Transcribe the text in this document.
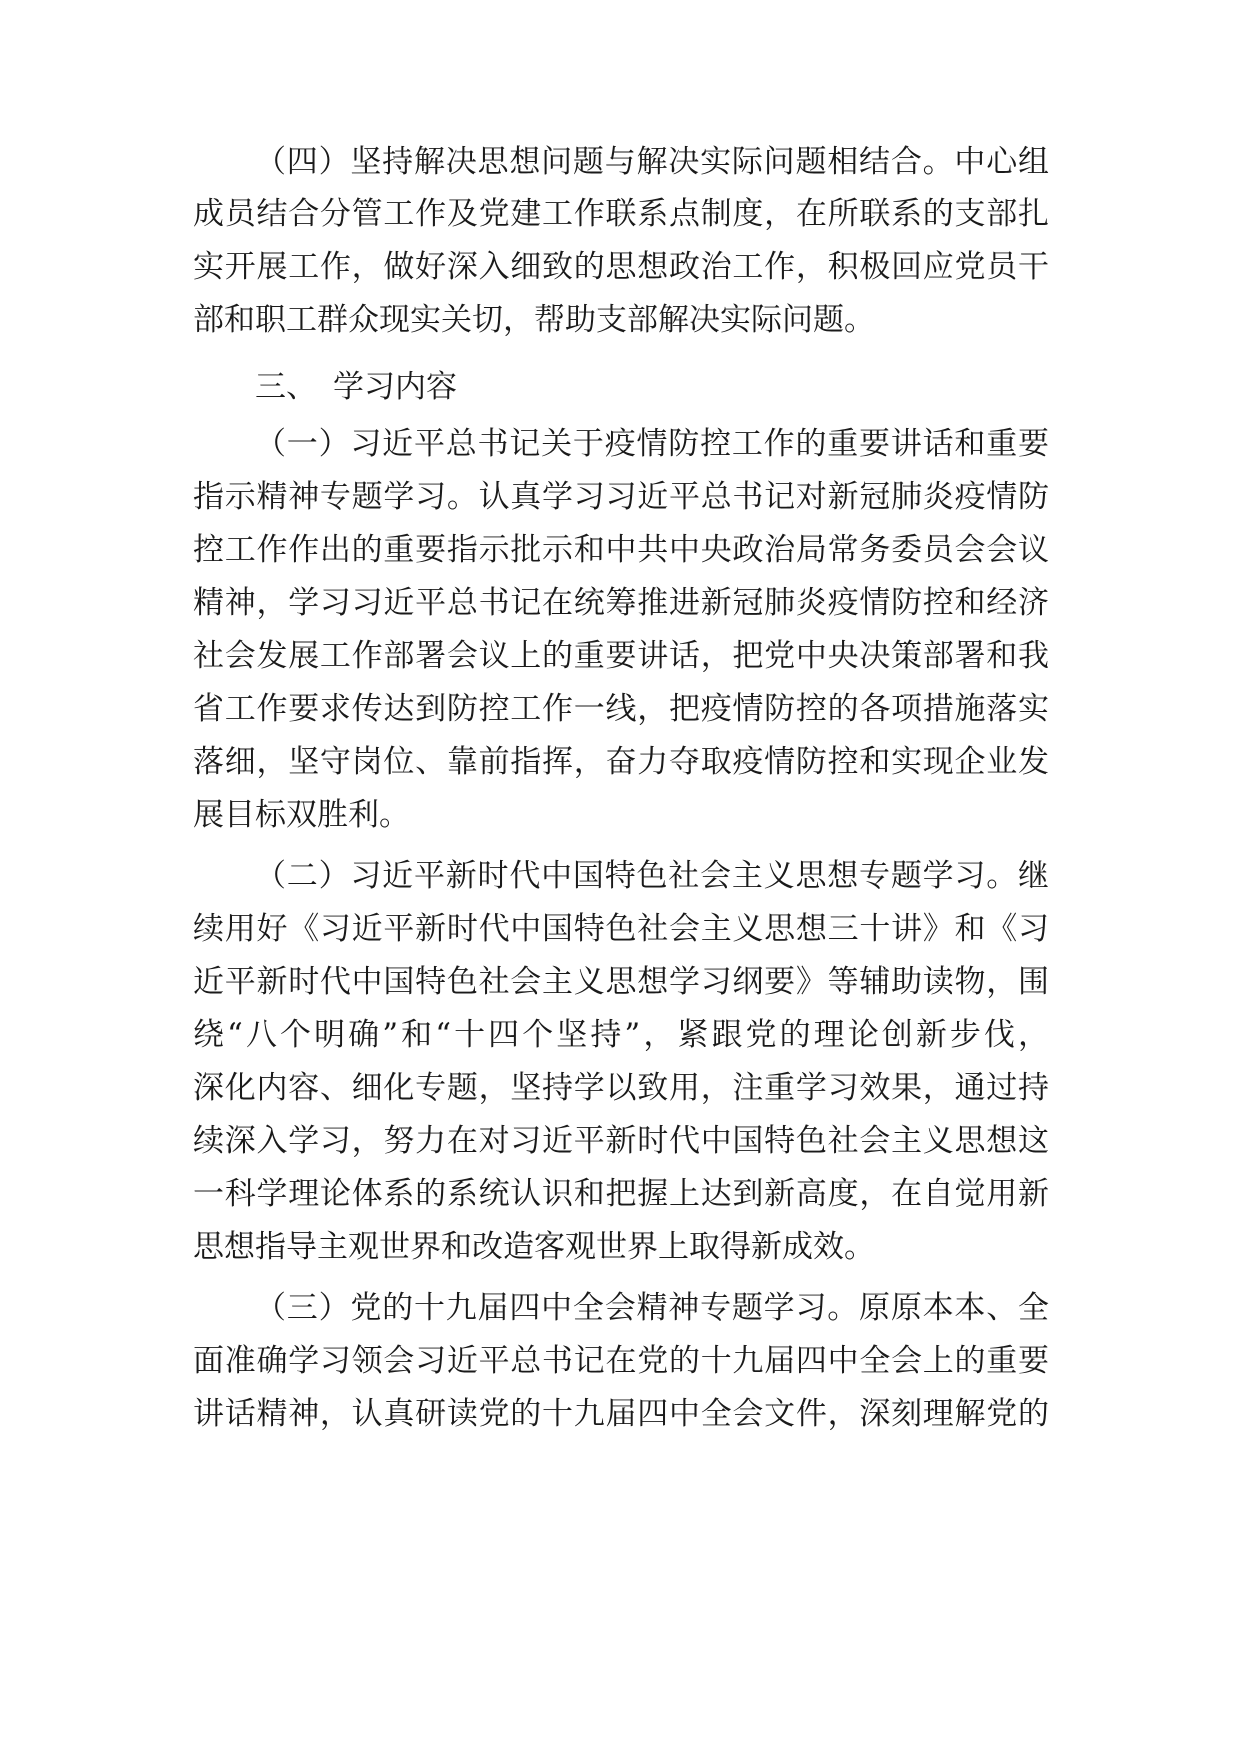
（四）坚持解决思想问题与解决实际问题相结合。中心组
成员结合分管工作及党建工作联系点制度，在所联系的支部扎
实开展工作，做好深入细致的思想政治工作，积极回应党员干
部和职工群众现实关切，帮助支部解决实际问题。
三、 学习内容
（一）习近平总书记关于疫情防控工作的重要讲话和重要
指示精神专题学习。认真学习习近平总书记对新冠肺炎疫情防
控工作作出的重要指示批示和中共中央政治局常务委员会会议
精神，学习习近平总书记在统筹推进新冠肺炎疫情防控和经济
社会发展工作部署会议上的重要讲话，把党中央决策部署和我
省工作要求传达到防控工作一线，把疫情防控的各项措施落实
落细，坚守岗位、靠前指挥，奋力夺取疫情防控和实现企业发
展目标双胜利。
（二）习近平新时代中国特色社会主义思想专题学习。继
续用好《习近平新时代中国特色社会主义思想三十讲》和《习
近平新时代中国特色社会主义思想学习纲要》等辅助读物，围
绕“八个明确”和“十四个坚持”，紧跟党的理论创新步伐，
深化内容、细化专题，坚持学以致用，注重学习效果，通过持
续深入学习，努力在对习近平新时代中国特色社会主义思想这
一科学理论体系的系统认识和把握上达到新高度，在自觉用新
思想指导主观世界和改造客观世界上取得新成效。
（三）党的十九届四中全会精神专题学习。原原本本、全
面准确学习领会习近平总书记在党的十九届四中全会上的重要
讲话精神，认真研读党的十九届四中全会文件，深刻理解党的
